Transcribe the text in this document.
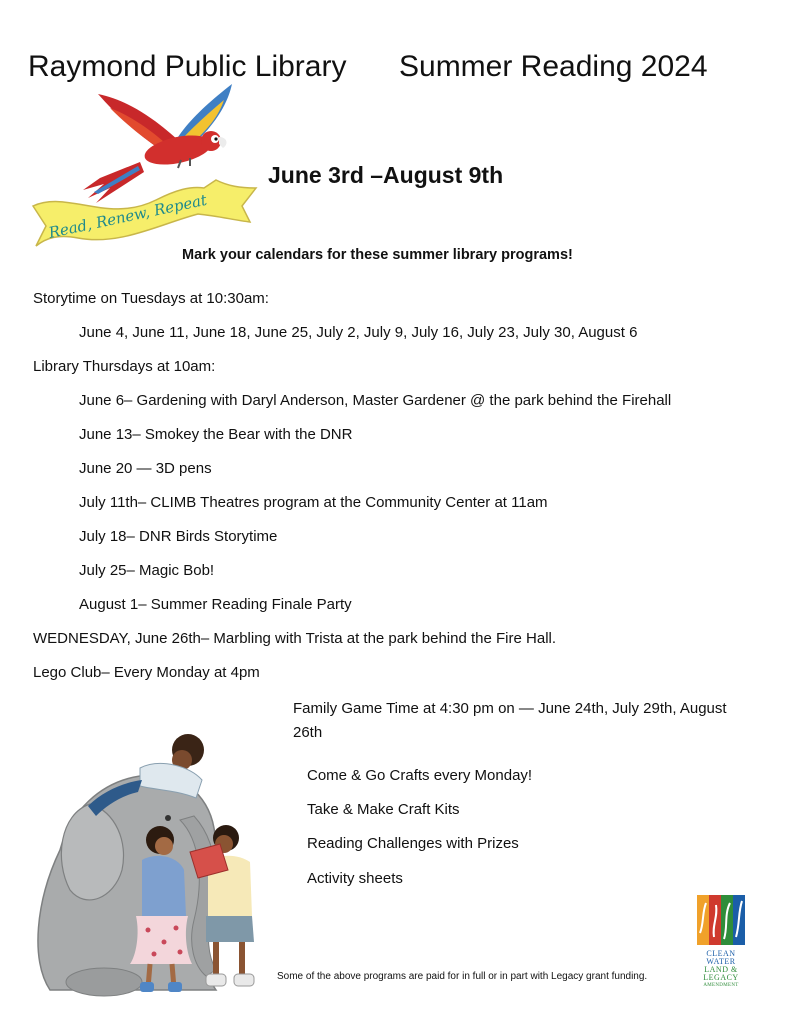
Raymond Public Library Summer Reading 2024
Read, Renew, Repeat
June 3rd –August 9th
Mark your calendars for these summer library programs!
Storytime on Tuesdays at 10:30am:
June 4, June 11, June 18, June 25, July 2, July 9, July 16, July 23, July 30, August 6
Library Thursdays at 10am:
June 6– Gardening with Daryl Anderson, Master Gardener @ the park behind the Firehall
June 13– Smokey the Bear with the DNR
June 20 — 3D pens
July 11th– CLIMB Theatres program at the Community Center at 11am
July 18– DNR Birds Storytime
July 25– Magic Bob!
August 1– Summer Reading Finale Party
WEDNESDAY, June 26th– Marbling with Trista at the park behind the Fire Hall.
Lego Club– Every Monday at 4pm
Family Game Time at 4:30 pm on — June 24th, July 29th, August 26th
Come & Go Crafts every Monday!
Take & Make Craft Kits
Reading Challenges with Prizes
Activity sheets
CLEAN
WATER
LAND &
LEGACY
AMENDMENT
Some of the above programs are paid for in full or in part with Legacy grant funding.
